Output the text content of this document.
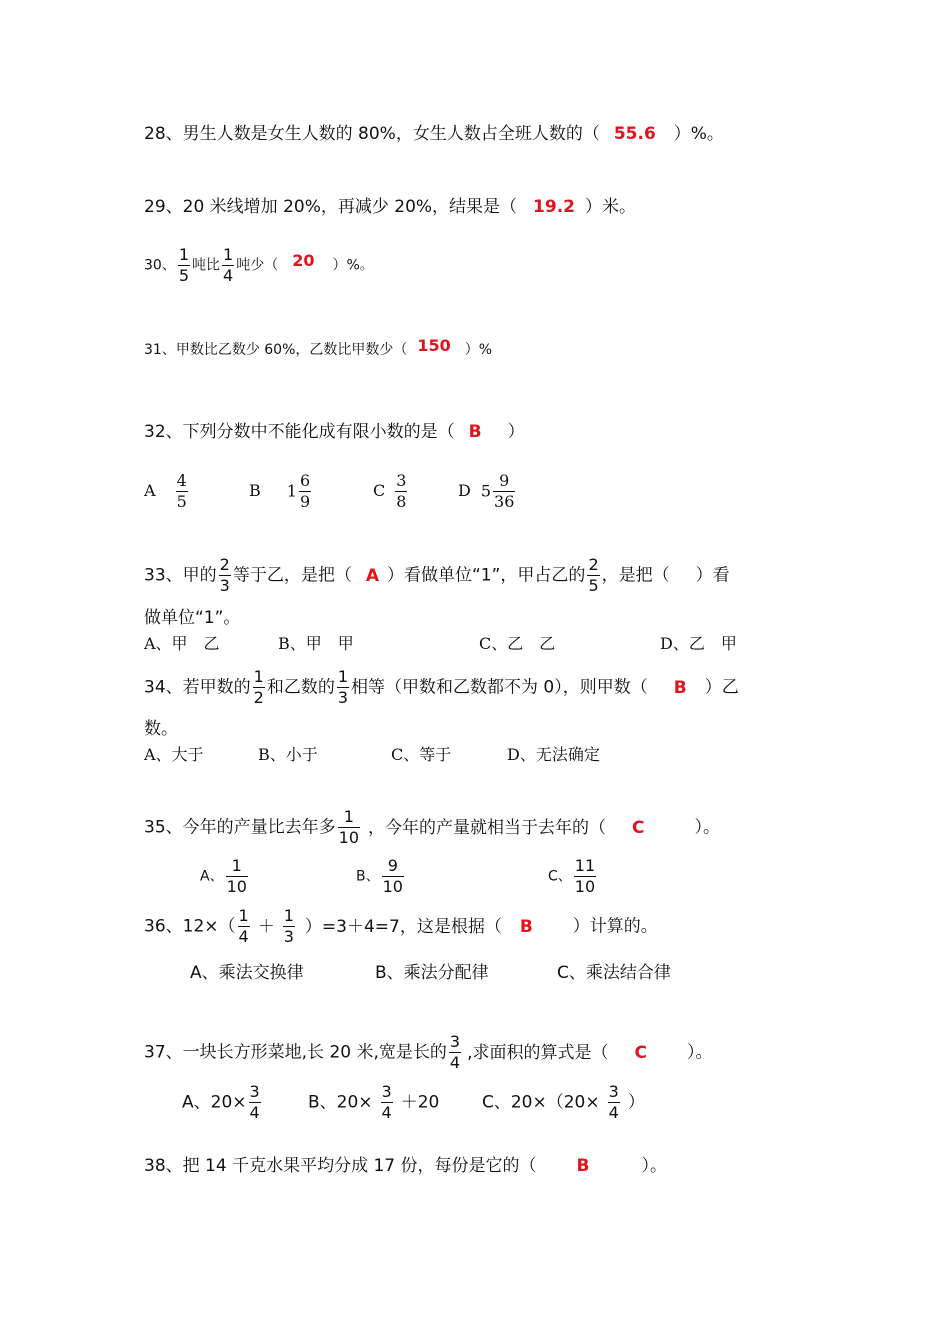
28、男生人数是女生人数的 80%，女生人数占全班人数的（ 55.6 ）%。
29、20 米线增加 20%，再减少 20%，结果是（ 19.2 ）米。
30、 $\frac{1}{5}$ 吨比 $\frac{1}{4}$ 吨少（ 20 ）%。
31、甲数比乙数少 60%，乙数比甲数少（ 150 ）%
32、下列分数中不能化成有限小数的是（ B ）
A $\frac{4}{5}$	B $1 \frac{6}{9}$	C $\frac{3}{8}$	D $5 \frac{9}{36}$
33、甲的 $\frac{2}{3}$ 等于乙，是把（ A ）看做单位“1”，甲占乙的 $\frac{2}{5}$ ，是把（ ）看
做单位“1”。
A、甲　乙	B、甲　甲	C、乙　乙	D、乙　甲
34、若甲数的 $\frac{1}{2}$ 和乙数的 $\frac{1}{3}$ 相等（甲数和乙数都不为 0），则甲数（ B ）乙
数。
A、大于	B、小于	C、等于	D、无法确定
35、今年的产量比去年多 $\frac{1}{10}$ ，今年的产量就相当于去年的（ C	）。
A、 $\frac{1}{10}$	B、 $\frac{9}{10}$	C、 $\frac{11}{10}$
36、$12\times( \frac{1}{4} + \frac{1}{3} )=3+4=7$，这是根据（ B ）计算的。
A、乘法交换律	B、乘法分配律	C、乘法结合律
37、一块长方形菜地,长 20 米,宽是长的 $\frac{3}{4}$ ,求面积的算式是（ C ）。
A、$20\times \frac{3}{4}$	B、$20\times \frac{3}{4} +20$	C、$20\times(20\times \frac{3}{4}$ ）
38、把 14 千克水果平均分成 17 份，每份是它的（ B	）。
